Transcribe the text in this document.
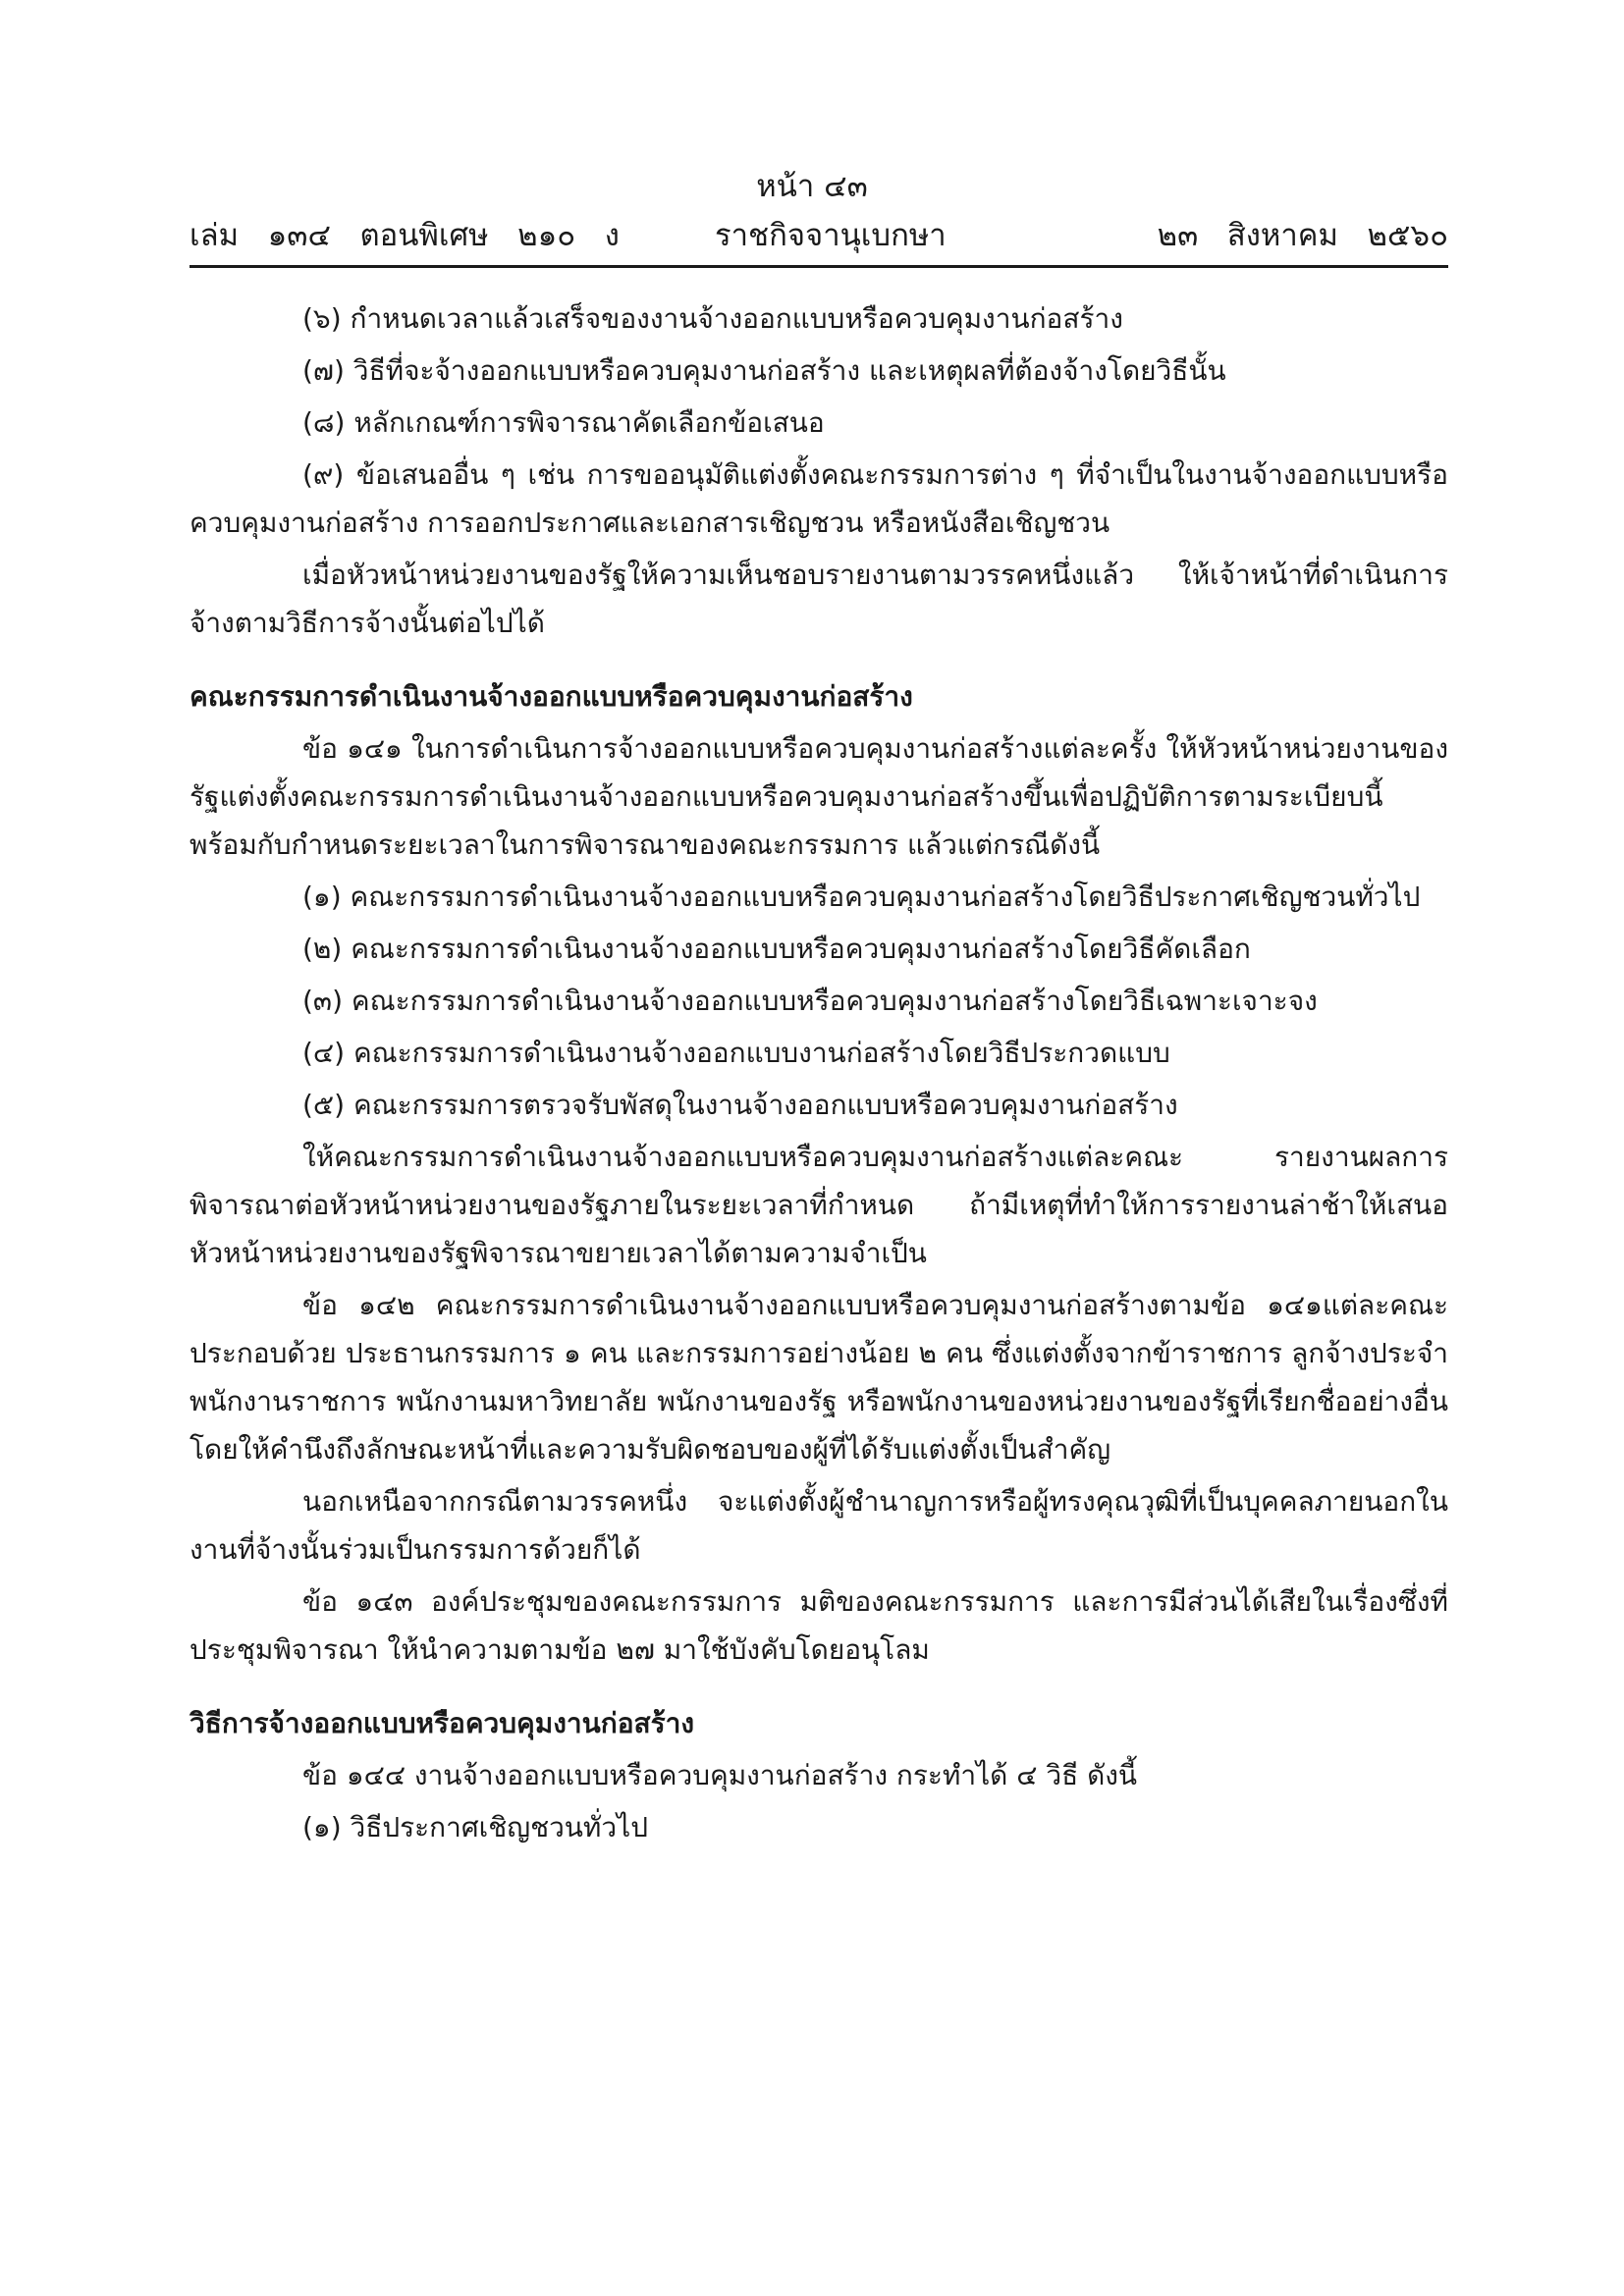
หน้า ๔๓
เล่ม   ๑๓๔   ตอนพิเศษ   ๒๑๐   ง	ราชกิจจานุเบกษา	๒๓   สิงหาคม   ๒๕๖๐

(๖) กำหนดเวลาแล้วเสร็จของงานจ้างออกแบบหรือควบคุมงานก่อสร้าง

(๗) วิธีที่จะจ้างออกแบบหรือควบคุมงานก่อสร้าง และเหตุผลที่ต้องจ้างโดยวิธีนั้น

(๘) หลักเกณฑ์การพิจารณาคัดเลือกข้อเสนอ

(๙) ข้อเสนออื่น ๆ เช่น การขออนุมัติแต่งตั้งคณะกรรมการต่าง ๆ ที่จำเป็นในงานจ้างออกแบบหรือควบคุมงานก่อสร้าง การออกประกาศและเอกสารเชิญชวน หรือหนังสือเชิญชวน

เมื่อหัวหน้าหน่วยงานของรัฐให้ความเห็นชอบรายงานตามวรรคหนึ่งแล้ว ให้เจ้าหน้าที่ดำเนินการจ้างตามวิธีการจ้างนั้นต่อไปได้

คณะกรรมการดำเนินงานจ้างออกแบบหรือควบคุมงานก่อสร้าง

ข้อ ๑๔๑ ในการดำเนินการจ้างออกแบบหรือควบคุมงานก่อสร้างแต่ละครั้ง ให้หัวหน้าหน่วยงานของรัฐแต่งตั้งคณะกรรมการดำเนินงานจ้างออกแบบหรือควบคุมงานก่อสร้างขึ้นเพื่อปฏิบัติการตามระเบียบนี้ พร้อมกับกำหนดระยะเวลาในการพิจารณาของคณะกรรมการ แล้วแต่กรณีดังนี้

(๑) คณะกรรมการดำเนินงานจ้างออกแบบหรือควบคุมงานก่อสร้างโดยวิธีประกาศเชิญชวนทั่วไป

(๒) คณะกรรมการดำเนินงานจ้างออกแบบหรือควบคุมงานก่อสร้างโดยวิธีคัดเลือก

(๓) คณะกรรมการดำเนินงานจ้างออกแบบหรือควบคุมงานก่อสร้างโดยวิธีเฉพาะเจาะจง

(๔) คณะกรรมการดำเนินงานจ้างออกแบบงานก่อสร้างโดยวิธีประกวดแบบ

(๕) คณะกรรมการตรวจรับพัสดุในงานจ้างออกแบบหรือควบคุมงานก่อสร้าง

ให้คณะกรรมการดำเนินงานจ้างออกแบบหรือควบคุมงานก่อสร้างแต่ละคณะ รายงานผลการพิจารณาต่อหัวหน้าหน่วยงานของรัฐภายในระยะเวลาที่กำหนด ถ้ามีเหตุที่ทำให้การรายงานล่าช้าให้เสนอหัวหน้าหน่วยงานของรัฐพิจารณาขยายเวลาได้ตามความจำเป็น

ข้อ ๑๔๒ คณะกรรมการดำเนินงานจ้างออกแบบหรือควบคุมงานก่อสร้างตามข้อ ๑๔๑แต่ละคณะประกอบด้วย ประธานกรรมการ ๑ คน และกรรมการอย่างน้อย ๒ คน ซึ่งแต่งตั้งจากข้าราชการ ลูกจ้างประจำ พนักงานราชการ พนักงานมหาวิทยาลัย พนักงานของรัฐ หรือพนักงานของหน่วยงานของรัฐที่เรียกชื่ออย่างอื่น โดยให้คำนึงถึงลักษณะหน้าที่และความรับผิดชอบของผู้ที่ได้รับแต่งตั้งเป็นสำคัญ

นอกเหนือจากกรณีตามวรรคหนึ่ง จะแต่งตั้งผู้ชำนาญการหรือผู้ทรงคุณวุฒิที่เป็นบุคคลภายนอกในงานที่จ้างนั้นร่วมเป็นกรรมการด้วยก็ได้

ข้อ ๑๔๓ องค์ประชุมของคณะกรรมการ มติของคณะกรรมการ และการมีส่วนได้เสียในเรื่องซึ่งที่ประชุมพิจารณา ให้นำความตามข้อ ๒๗ มาใช้บังคับโดยอนุโลม

วิธีการจ้างออกแบบหรือควบคุมงานก่อสร้าง

ข้อ ๑๔๔ งานจ้างออกแบบหรือควบคุมงานก่อสร้าง กระทำได้ ๔ วิธี ดังนี้

(๑) วิธีประกาศเชิญชวนทั่วไป
